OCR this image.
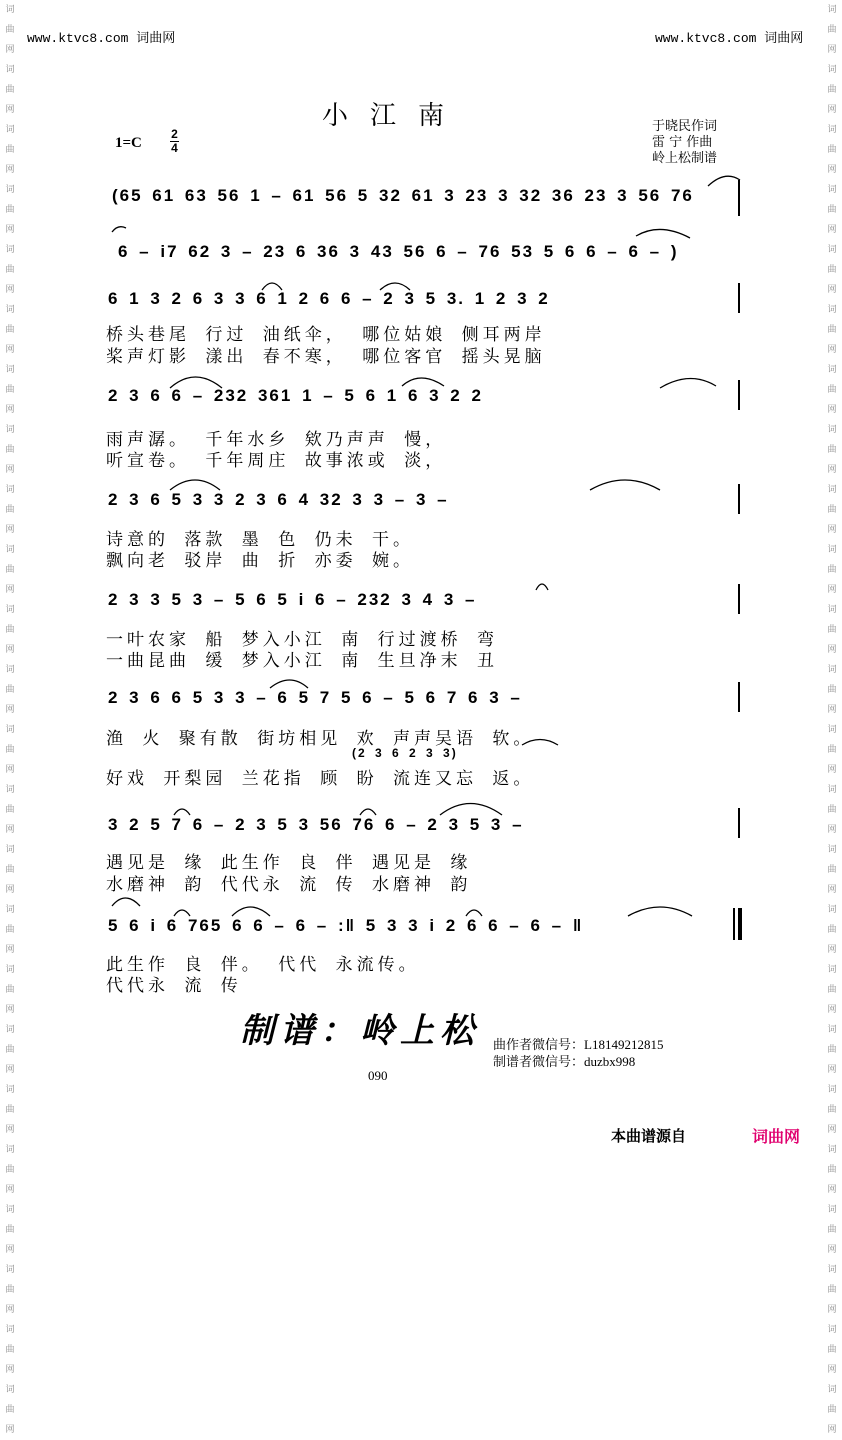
词曲网词曲网词曲网词曲网词曲网词曲网词曲网词曲网词曲网词曲网词曲网词曲网词曲网词曲网词曲网词曲网词曲网词曲网词曲网词曲网词曲网词曲网词曲网词曲网
词曲网词曲网词曲网词曲网词曲网词曲网词曲网词曲网词曲网词曲网词曲网词曲网词曲网词曲网词曲网词曲网词曲网词曲网词曲网词曲网词曲网词曲网词曲网词曲网
www.ktvc8.com 词曲网	www.ktvc8.com 词曲网
小江南
1=C
2
4
于晓民作词
雷 宁 作曲
岭上松制谱
(65 61 63 56 1 – 61 56 5 32 61 3 23 3 32 36 23 3 56 76
6 – i7 62 3 – 23 6 36 3 43 56 6 – 76 53 5 6 6 – 6 – )
6 1 3 2 6 3 3 6 1 2 6 6 – 2 3 5 3. 1 2 3 2
桥头巷尾 行过 油纸伞， 哪位姑娘 侧耳两岸
桨声灯影 漾出 春不寒， 哪位客官 摇头晃脑
2 3 6 6 – 232 361 1 – 5 6 1 6 3 2 2
雨声潺。 千年水乡 欸乃声声 慢，
听宣卷。 千年周庄 故事浓或 淡，
2 3 6 5 3 3 2 3 6 4 32 3 3 – 3 –
诗意的 落款 墨 色 仍未 干。
飘向老 驳岸 曲 折 亦委 婉。
2 3 3 5 3 – 5 6 5 i 6 – 232 3 4 3 –
一叶农家 船 梦入小江 南 行过渡桥 弯
一曲昆曲 缓 梦入小江 南 生旦净末 丑
2 3 6 6 5 3 3 – 6 5 7 5 6 – 5 6 7 6 3 –
渔 火 聚有散 街坊相见 欢 声声吴语 软。
(2 3 6 2 3 3)
好戏 开梨园 兰花指 顾 盼 流连又忘 返。
3 2 5 7 6 – 2 3 5 3 56 76 6 – 2 3 5 3 –
遇见是 缘 此生作 良 伴 遇见是 缘
水磨神 韵 代代永 流 传 水磨神 韵
5 6 i 6 765 6 6 – 6 – :‖ 5 3 3 i 2 6 6 – 6 – ‖
此生作 良 伴。 代代 永流传。
代代永 流 传
制谱：岭上松 曲作者微信号：L18149212815
制谱者微信号：duzbx998
090
本曲谱源自	词曲网
